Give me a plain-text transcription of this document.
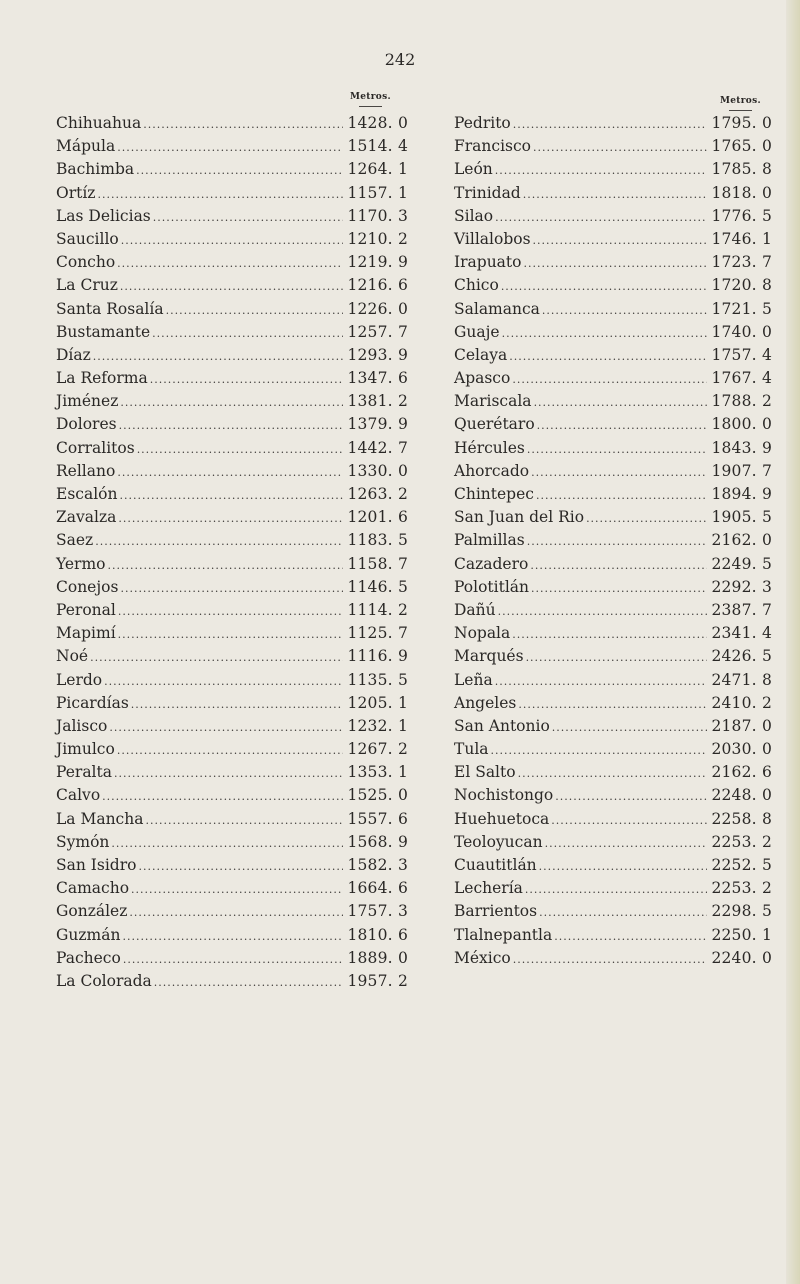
242
Metros.	Metros.
Chihuahua .....	1428. 0
Mápula .....	1514. 4
Bachimba .....	1264. 1
Ortíz .....	1157. 1
Las Delicias .....	1170. 3
Saucillo .....	1210. 2
Concho .....	1219. 9
La Cruz .....	1216. 6
Santa Rosalía .....	1226. 0
Bustamante .....	1257. 7
Díaz .....	1293. 9
La Reforma .....	1347. 6
Jiménez .....	1381. 2
Dolores .....	1379. 9
Corralitos .....	1442. 7
Rellano .....	1330. 0
Escalón .....	1263. 2
Zavalza .....	1201. 6
Saez .....	1183. 5
Yermo .....	1158. 7
Conejos .....	1146. 5
Peronal .....	1114. 2
Mapimí .....	1125. 7
Noé .....	1116. 9
Lerdo .....	1135. 5
Picardías .....	1205. 1
Jalisco .....	1232. 1
Jimulco .....	1267. 2
Peralta .....	1353. 1
Calvo .....	1525. 0
La Mancha .....	1557. 6
Symón .....	1568. 9
San Isidro .....	1582. 3
Camacho .....	1664. 6
González .....	1757. 3
Guzmán .....	1810. 6
Pacheco .....	1889. 0
La Colorada .....	1957. 2
Pedrito .....	1795. 0
Francisco .....	1765. 0
León .....	1785. 8
Trinidad .....	1818. 0
Silao .....	1776. 5
Villalobos .....	1746. 1
Irapuato .....	1723. 7
Chico .....	1720. 8
Salamanca .....	1721. 5
Guaje .....	1740. 0
Celaya .....	1757. 4
Apasco .....	1767. 4
Mariscala .....	1788. 2
Querétaro .....	1800. 0
Hércules .....	1843. 9
Ahorcado .....	1907. 7
Chintepec .....	1894. 9
San Juan del Rio .....	1905. 5
Palmillas .....	2162. 0
Cazadero .....	2249. 5
Polotitlán .....	2292. 3
Dañú .....	2387. 7
Nopala .....	2341. 4
Marqués .....	2426. 5
Leña .....	2471. 8
Angeles .....	2410. 2
San Antonio .....	2187. 0
Tula .....	2030. 0
El Salto .....	2162. 6
Nochistongo .....	2248. 0
Huehuetoca .....	2258. 8
Teoloyucan .....	2253. 2
Cuautitlán .....	2252. 5
Lechería .....	2253. 2
Barrientos .....	2298. 5
Tlalnepantla .....	2250. 1
México .....	2240. 0
